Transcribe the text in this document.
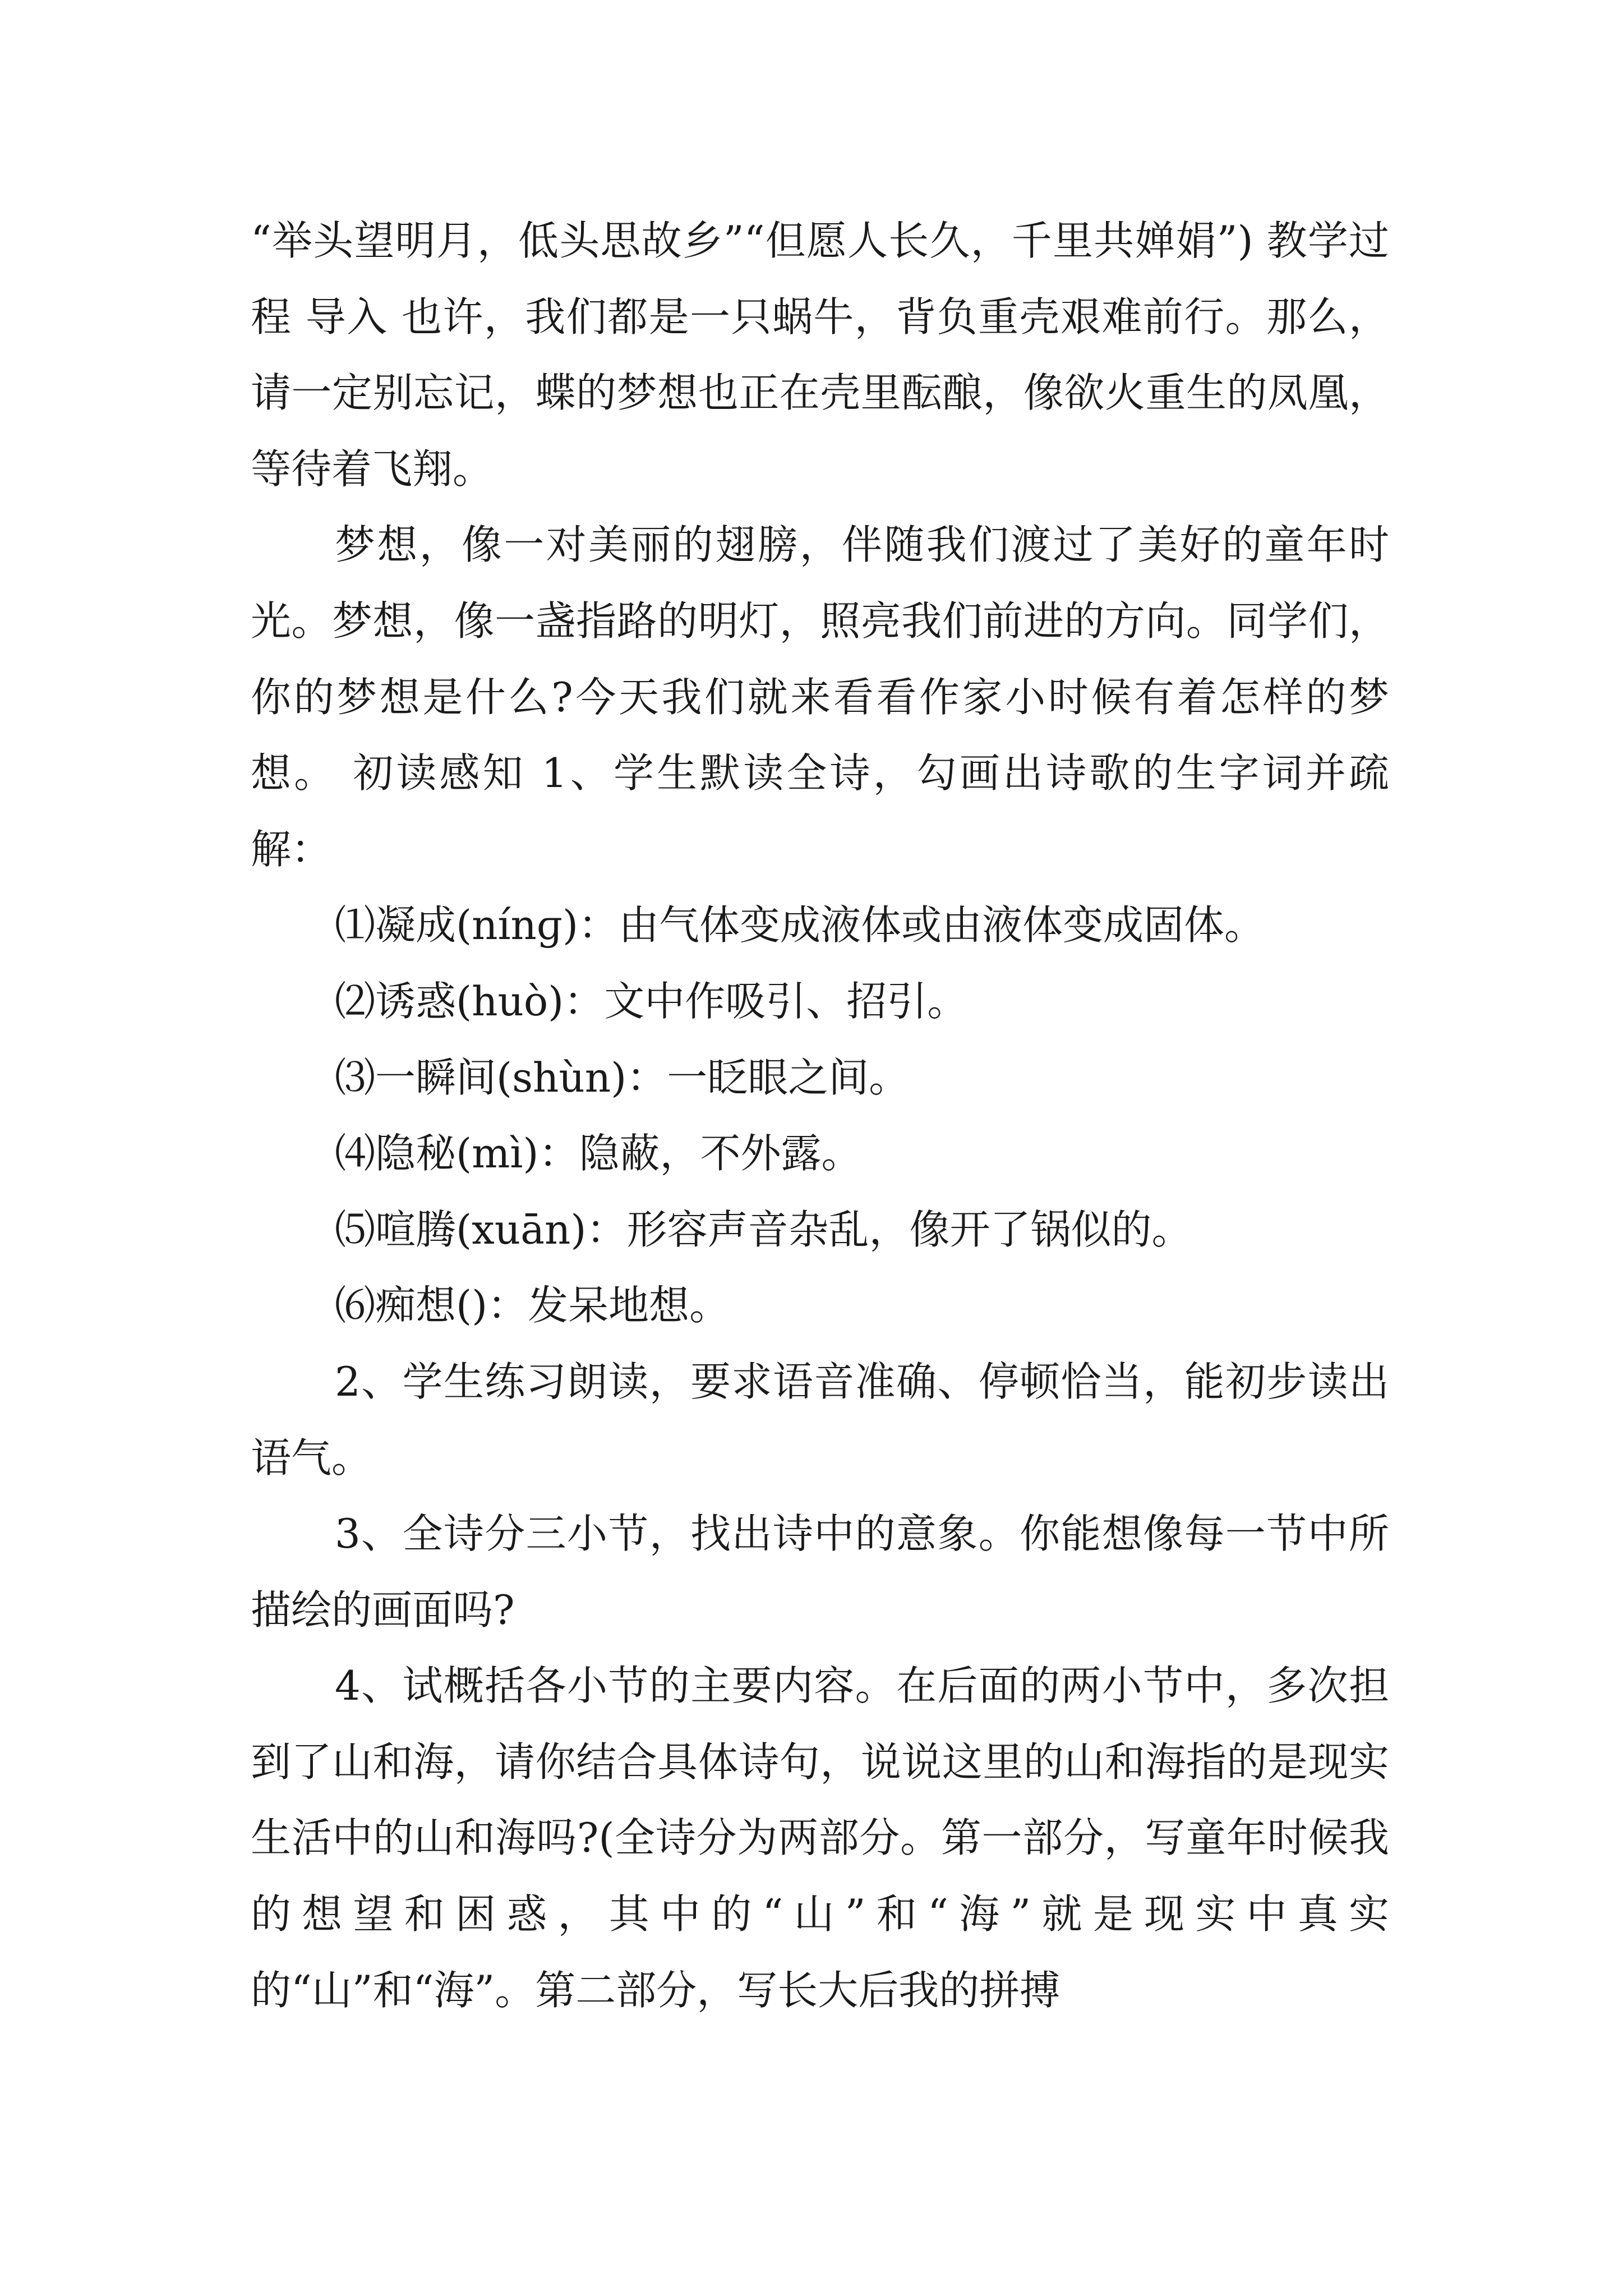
“举头望明月，低头思故乡”“但愿人长久，千里共婵娟”) 教学过程 导入 也许，我们都是一只蜗牛，背负重壳艰难前行。那么，请一定别忘记，蝶的梦想也正在壳里酝酿，像欲火重生的凤凰，等待着飞翔。

梦想，像一对美丽的翅膀，伴随我们渡过了美好的童年时光。梦想，像一盏指路的明灯，照亮我们前进的方向。同学们，你的梦想是什么?今天我们就来看看作家小时候有着怎样的梦想。 初读感知 1、学生默读全诗，勾画出诗歌的生字词并疏解：

⑴凝成(nínɡ)：由气体变成液体或由液体变成固体。

⑵诱惑(huò)：文中作吸引、招引。

⑶一瞬间(shùn)：一眨眼之间。

⑷隐秘(mì)：隐蔽，不外露。

⑸喧腾(xuān)：形容声音杂乱，像开了锅似的。

⑹痴想()：发呆地想。

2、学生练习朗读，要求语音准确、停顿恰当，能初步读出语气。

3、全诗分三小节，找出诗中的意象。你能想像每一节中所描绘的画面吗?

4、试概括各小节的主要内容。在后面的两小节中，多次担到了山和海，请你结合具体诗句，说说这里的山和海指的是现实生活中的山和海吗?(全诗分为两部分。第一部分，写童年时候我的想望和困惑，其中的“山”和“海”就是现实中真实的“山”和“海”。第二部分，写长大后我的拼搏
